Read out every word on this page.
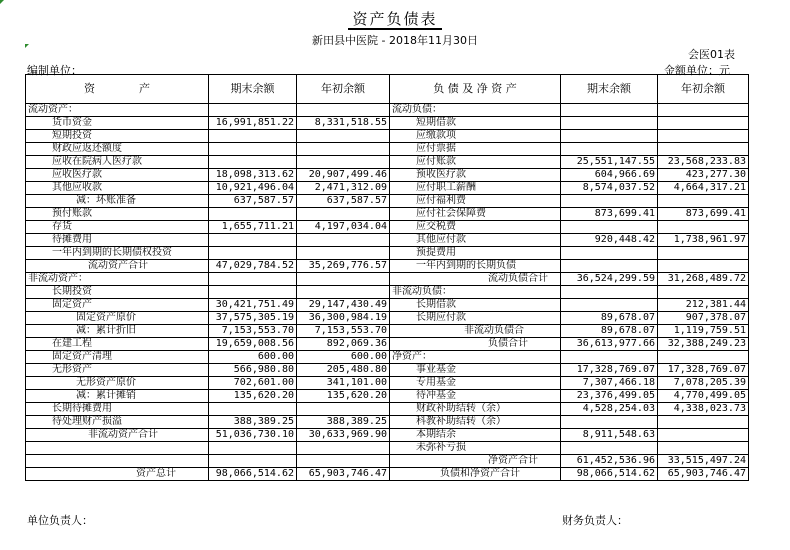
资产负债表
新田县中医院 - 2018年11月30日
会医01表
编制单位：	金额单位：元
资　　　　产	期末余额	年初余额	负 债 及 净 资 产	期末余额	年初余额
流动资产：			流动负债：		
货币资金	16,991,851.22	8,331,518.55	短期借款		
短期投资			应缴款项		
财政应返还额度			应付票据		
应收在院病人医疗款			应付账款	25,551,147.55	23,568,233.83
应收医疗款	18,098,313.62	20,907,499.46	预收医疗款	604,966.69	423,277.30
其他应收款	10,921,496.04	2,471,312.09	应付职工薪酬	8,574,037.52	4,664,317.21
减：坏账准备	637,587.57	637,587.57	应付福利费		
预付账款			应付社会保障费	873,699.41	873,699.41
存货	1,655,711.21	4,197,034.04	应交税费		
待摊费用			其他应付款	920,448.42	1,738,961.97
一年内到期的长期债权投资			预提费用		
流动资产合计	47,029,784.52	35,269,776.57	一年内到期的长期负债		
非流动资产：			流动负债合计	36,524,299.59	31,268,489.72
长期投资			非流动负债：		
固定资产	30,421,751.49	29,147,430.49	长期借款		212,381.44
固定资产原价	37,575,305.19	36,300,984.19	长期应付款	89,678.07	907,378.07
减：累计折旧	7,153,553.70	7,153,553.70	非流动负债合	89,678.07	1,119,759.51
在建工程	19,659,008.56	892,069.36	负债合计	36,613,977.66	32,388,249.23
固定资产清理	600.00	600.00	净资产：		
无形资产	566,980.80	205,480.80	事业基金	17,328,769.07	17,328,769.07
无形资产原价	702,601.00	341,101.00	专用基金	7,307,466.18	7,078,205.39
减：累计摊销	135,620.20	135,620.20	待冲基金	23,376,499.05	4,770,499.05
长期待摊费用			财政补助结转（余）	4,528,254.03	4,338,023.73
待处理财产损溢	388,389.25	388,389.25	科教补助结转（余）		
非流动资产合计	51,036,730.10	30,633,969.90	本期结余	8,911,548.63	
			未弥补亏损		
			净资产合计	61,452,536.96	33,515,497.24
资产总计	98,066,514.62	65,903,746.47	负债和净资产合计	98,066,514.62	65,903,746.47
单位负责人：	财务负责人：
